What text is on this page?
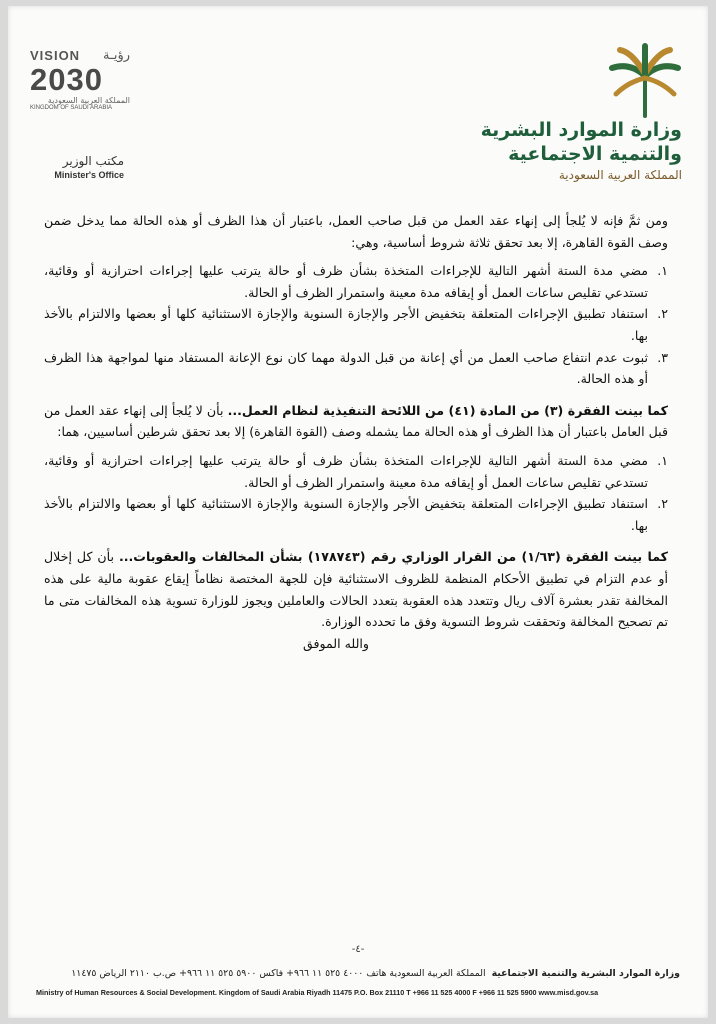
VISION رؤيـة
2030
المملكة العربية السعودية
KINGDOM OF SAUDI ARABIA
مكتب الوزير
Minister's Office
وزارة الموارد البشرية
والتنمية الاجتماعية
المملكة العربية السعودية

ومن ثمَّ فإنه لا يُلجأ إلى إنهاء عقد العمل من قبل صاحب العمل، باعتبار أن هذا الظرف أو هذه الحالة مما يدخل ضمن وصف القوة القاهرة، إلا بعد تحقق ثلاثة شروط أساسية، وهي:

١.
مضي مدة الستة أشهر التالية للإجراءات المتخذة بشأن ظرف أو حالة يترتب عليها إجراءات احترازية أو وقائية، تستدعي تقليص ساعات العمل أو إيقافه مدة معينة واستمرار الظرف أو الحالة.
٢.
استنفاد تطبيق الإجراءات المتعلقة بتخفيض الأجر والإجازة السنوية والإجازة الاستثنائية كلها أو بعضها والالتزام بالأخذ بها.
٣.
ثبوت عدم انتفاع صاحب العمل من أي إعانة من قبل الدولة مهما كان نوع الإعانة المستفاد منها لمواجهة هذا الظرف أو هذه الحالة.

كما بينت الفقرة (٣) من المادة (٤١) من اللائحة التنفيذية لنظام العمل... بأن لا يُلجأ إلى إنهاء عقد العمل من قبل العامل باعتبار أن هذا الظرف أو هذه الحالة مما يشمله وصف (القوة القاهرة) إلا بعد تحقق شرطين أساسيين، هما:

١.
مضي مدة الستة أشهر التالية للإجراءات المتخذة بشأن ظرف أو حالة يترتب عليها إجراءات احترازية أو وقائية، تستدعي تقليص ساعات العمل أو إيقافه مدة معينة واستمرار الظرف أو الحالة.
٢.
استنفاد تطبيق الإجراءات المتعلقة بتخفيض الأجر والإجازة السنوية والإجازة الاستثنائية كلها أو بعضها والالتزام بالأخذ بها.

كما بينت الفقرة (١/٦٣) من القرار الوزاري رقم (١٧٨٧٤٣) بشأن المخالفات والعقوبات... بأن كل إخلال أو عدم التزام في تطبيق الأحكام المنظمة للظروف الاستثنائية فإن للجهة المختصة نظاماً إيقاع عقوبة مالية على هذه المخالفة تقدر بعشرة آلاف ريال وتتعدد هذه العقوبة بتعدد الحالات والعاملين ويجوز للوزارة تسوية هذه المخالفات متى ما تم تصحيح المخالفة وتحققت شروط التسوية وفق ما تحدده الوزارة.

والله الموفق

-٤-
وزارة الموارد البشرية والتنمية الاجتماعية  المملكة العربية السعودية هاتف ٤٠٠٠ ٥٢٥ ١١ ٩٦٦+ فاكس ٥٩٠٠ ٥٢٥ ١١ ٩٦٦+ ص.ب ٢١١٠ الرياض ١١٤٧٥
Ministry of Human Resources & Social Development. Kingdom of Saudi Arabia Riyadh 11475 P.O. Box 21110 T +966 11 525 4000 F +966 11 525 5900 www.misd.gov.sa
